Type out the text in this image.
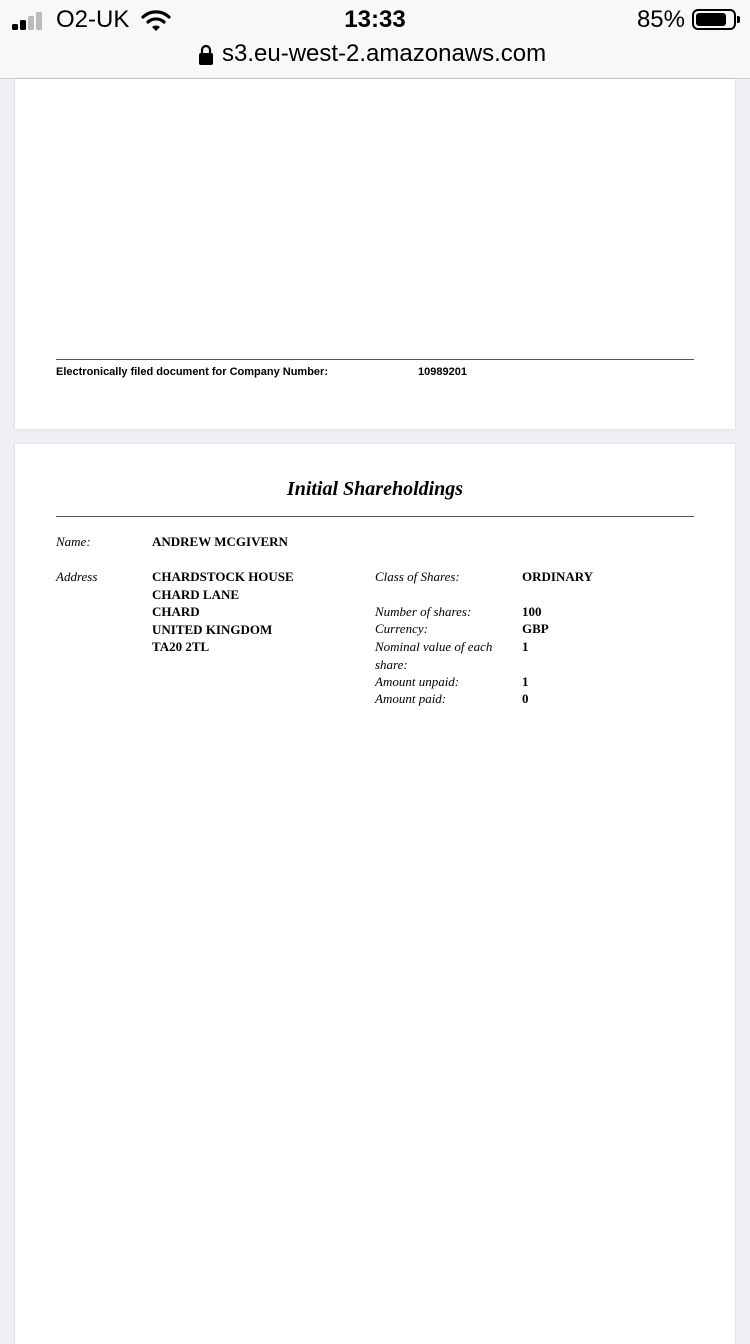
O2-UK	13:33	85%
s3.eu-west-2.amazonaws.com
Electronically filed document for Company Number:	10989201
Initial Shareholdings
Name:	ANDREW MCGIVERN
Address	CHARDSTOCK HOUSE
CHARD LANE
CHARD
UNITED KINGDOM
TA20 2TL
Class of Shares:	ORDINARY
Number of shares:	100
Currency:	GBP
Nominal value of each
share:
1
Amount unpaid:	1
Amount paid:	0
